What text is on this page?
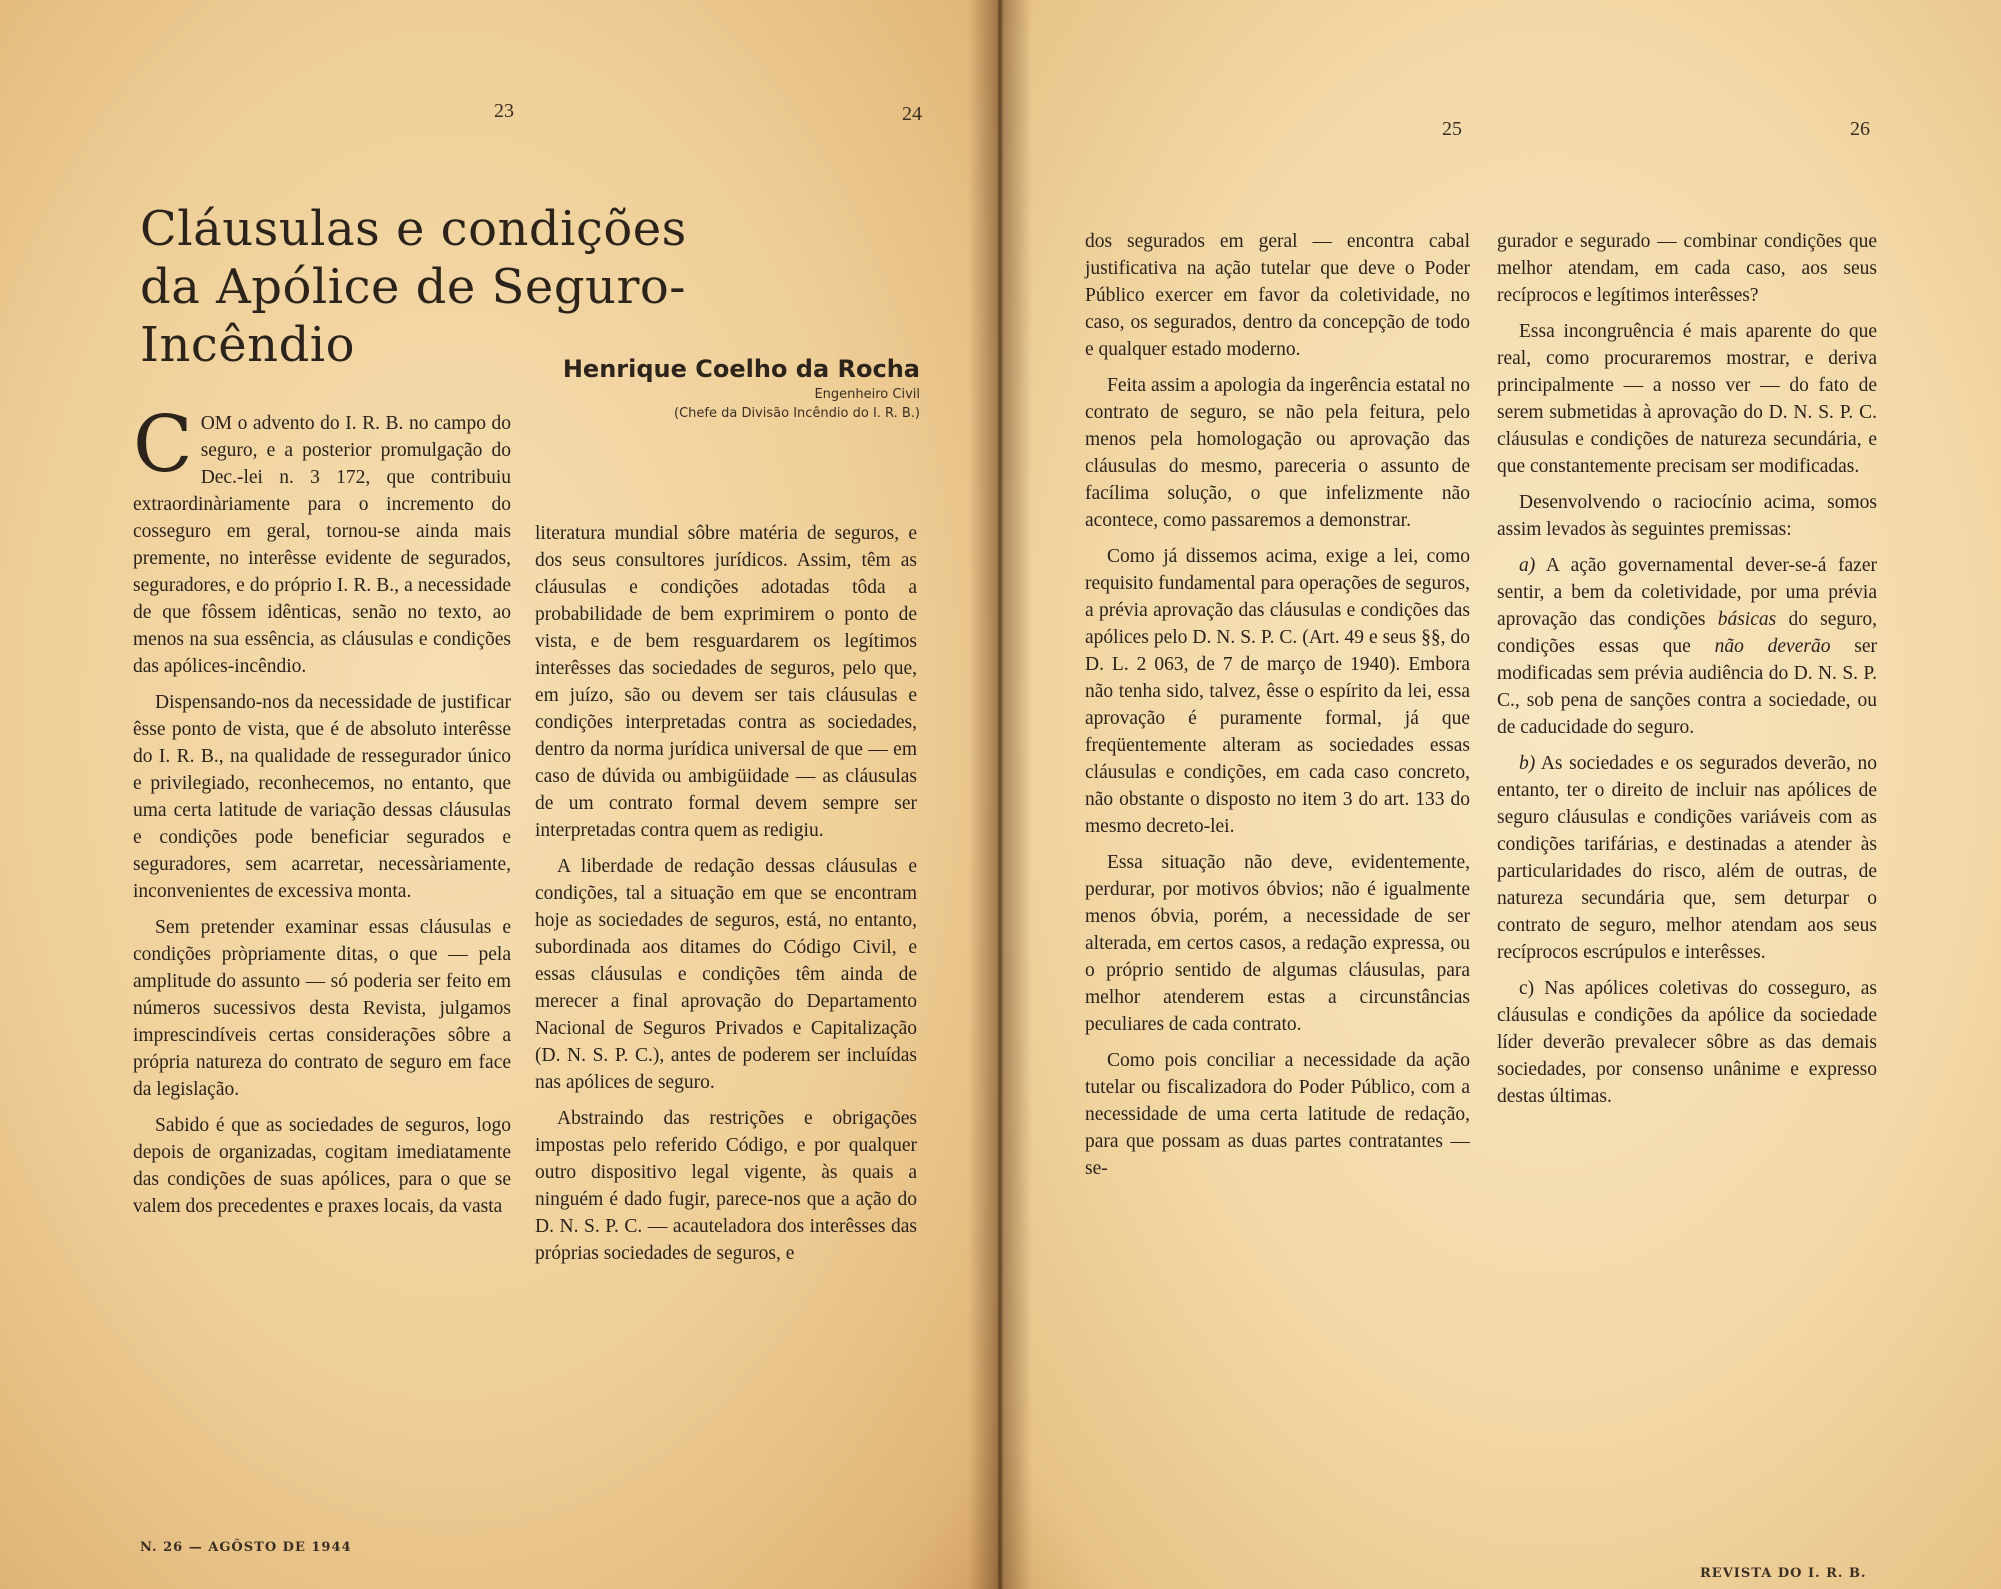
23	24
25	26
Cláusulas e condições
da Apólice de Seguro-Incêndio	Henrique Coelho da Rocha
Engenheiro Civil
(Chefe da Divisão Incêndio do I. R. B.)

COM o advento do I. R. B. no campo do seguro, e a posterior promulgação do Dec.-lei n. 3 172, que contribuiu extraordinàriamente para o incremento do cosseguro em geral, tornou-se ainda mais premente, no interêsse evidente de segurados, seguradores, e do próprio I. R. B., a necessidade de que fôssem idênticas, senão no texto, ao menos na sua essência, as cláusulas e condições das apólices-incêndio.

Dispensando-nos da necessidade de justificar êsse ponto de vista, que é de absoluto interêsse do I. R. B., na qualidade de ressegurador único e privilegiado, reconhecemos, no entanto, que uma certa latitude de variação dessas cláusulas e condições pode beneficiar segurados e seguradores, sem acarretar, necessàriamente, inconvenientes de excessiva monta.

Sem pretender examinar essas cláusulas e condições pròpriamente ditas, o que — pela amplitude do assunto — só poderia ser feito em números sucessivos desta Revista, julgamos imprescindíveis certas considerações sôbre a própria natureza do contrato de seguro em face da legislação.

Sabido é que as sociedades de seguros, logo depois de organizadas, cogitam imediatamente das condições de suas apólices, para o que se valem dos precedentes e praxes locais, da vasta

literatura mundial sôbre matéria de seguros, e dos seus consultores jurídicos. Assim, têm as cláusulas e condições adotadas tôda a probabilidade de bem exprimirem o ponto de vista, e de bem resguardarem os legítimos interêsses das sociedades de seguros, pelo que, em juízo, são ou devem ser tais cláusulas e condições interpretadas contra as sociedades, dentro da norma jurídica universal de que — em caso de dúvida ou ambigüidade — as cláusulas de um contrato formal devem sempre ser interpretadas contra quem as redigiu.

A liberdade de redação dessas cláusulas e condições, tal a situação em que se encontram hoje as sociedades de seguros, está, no entanto, subordinada aos ditames do Código Civil, e essas cláusulas e condições têm ainda de merecer a final aprovação do Departamento Nacional de Seguros Privados e Capitalização (D. N. S. P. C.), antes de poderem ser incluídas nas apólices de seguro.

Abstraindo das restrições e obrigações impostas pelo referido Código, e por qualquer outro dispositivo legal vigente, às quais a ninguém é dado fugir, parece-nos que a ação do D. N. S. P. C. — acauteladora dos interêsses das próprias sociedades de seguros, e

dos segurados em geral — encontra cabal justificativa na ação tutelar que deve o Poder Público exercer em favor da coletividade, no caso, os segurados, dentro da concepção de todo e qualquer estado moderno.

Feita assim a apologia da ingerência estatal no contrato de seguro, se não pela feitura, pelo menos pela homologação ou aprovação das cláusulas do mesmo, pareceria o assunto de facílima solução, o que infelizmente não acontece, como passaremos a demonstrar.

Como já dissemos acima, exige a lei, como requisito fundamental para operações de seguros, a prévia aprovação das cláusulas e condições das apólices pelo D. N. S. P. C. (Art. 49 e seus §§, do D. L. 2 063, de 7 de março de 1940). Embora não tenha sido, talvez, êsse o espírito da lei, essa aprovação é puramente formal, já que freqüentemente alteram as sociedades essas cláusulas e condições, em cada caso concreto, não obstante o disposto no item 3 do art. 133 do mesmo decreto-lei.

Essa situação não deve, evidentemente, perdurar, por motivos óbvios; não é igualmente menos óbvia, porém, a necessidade de ser alterada, em certos casos, a redação expressa, ou o próprio sentido de algumas cláusulas, para melhor atenderem estas a circunstâncias peculiares de cada contrato.

Como pois conciliar a necessidade da ação tutelar ou fiscalizadora do Poder Público, com a necessidade de uma certa latitude de redação, para que possam as duas partes contratantes — se-

gurador e segurado — combinar condições que melhor atendam, em cada caso, aos seus recíprocos e legítimos interêsses?

Essa incongruência é mais aparente do que real, como procuraremos mostrar, e deriva principalmente — a nosso ver — do fato de serem submetidas à aprovação do D. N. S. P. C. cláusulas e condições de natureza secundária, e que constantemente precisam ser modificadas.

Desenvolvendo o raciocínio acima, somos assim levados às seguintes premissas:

a) A ação governamental dever-se-á fazer sentir, a bem da coletividade, por uma prévia aprovação das condições básicas do seguro, condições essas que não deverão ser modificadas sem prévia audiência do D. N. S. P. C., sob pena de sanções contra a sociedade, ou de caducidade do seguro.

b) As sociedades e os segurados deverão, no entanto, ter o direito de incluir nas apólices de seguro cláusulas e condições variáveis com as condições tarifárias, e destinadas a atender às particularidades do risco, além de outras, de natureza secundária que, sem deturpar o contrato de seguro, melhor atendam aos seus recíprocos escrúpulos e interêsses.

c) Nas apólices coletivas do cosseguro, as cláusulas e condições da apólice da sociedade líder deverão prevalecer sôbre as das demais sociedades, por consenso unânime e expresso destas últimas.

N. 26 — AGÔSTO DE 1944
REVISTA DO I. R. B.
